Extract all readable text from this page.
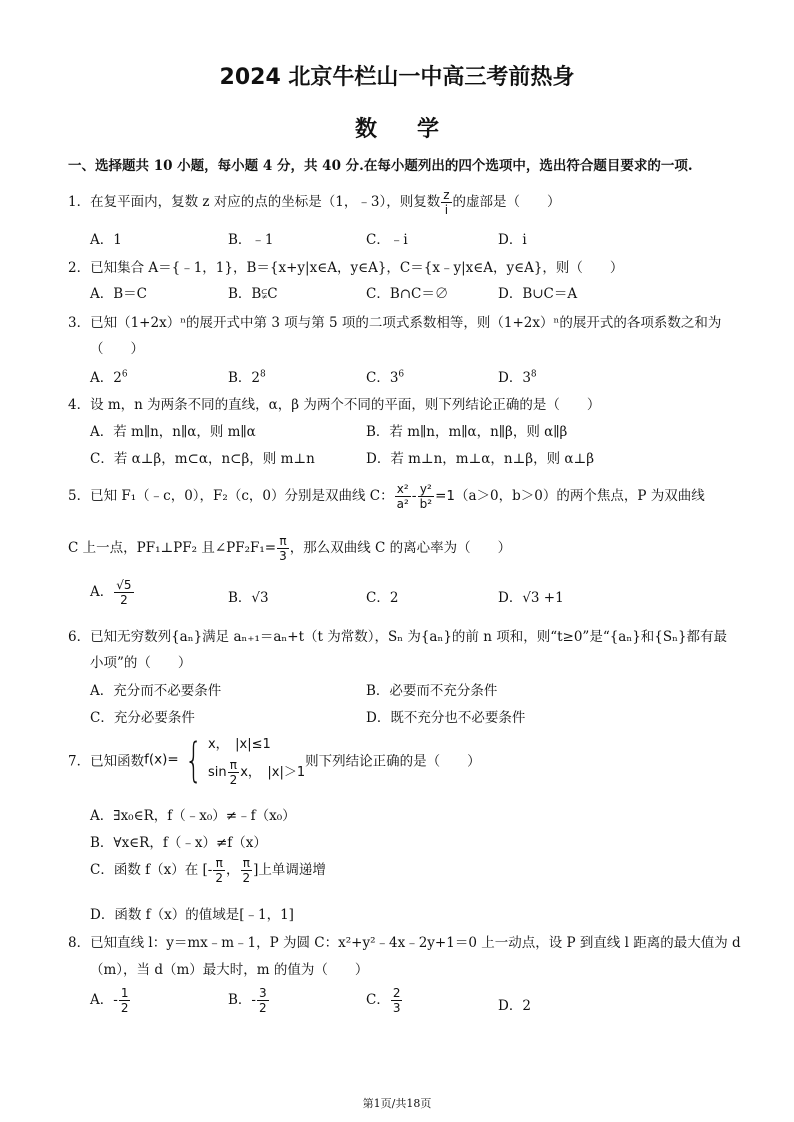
2024 北京牛栏山一中高三考前热身
数学
一、选择题共 10 小题，每小题 4 分，共 40 分.在每小题列出的四个选项中，选出符合题目要求的一项.
1．在复平面内，复数 z 对应的点的坐标是（1，﹣3），则复数 $\frac{z}{i}$ 的虚部是（　　）
A．1	B．﹣1	C．﹣i	D．i
2．已知集合 A＝{﹣1，1}，B＝{x+y|x∈A，y∈A}，C＝{x﹣y|x∈A，y∈A}，则（　　）
A．B＝C	B．B⫋C	C．B∩C＝∅	D．B∪C＝A
3．已知（1+2x）ⁿ的展开式中第 3 项与第 5 项的二项式系数相等，则（1+2x）ⁿ的展开式的各项系数之和为
（　　）
A．$2^6$	B．$2^8$	C．$3^6$	D．$3^8$
4．设 m，n 为两条不同的直线，α，β 为两个不同的平面，则下列结论正确的是（　　）
A．若 m∥n，n∥α，则 m∥α	B．若 m∥n，m∥α，n∥β，则 α∥β
C．若 α⊥β，m⊂α，n⊂β，则 m⊥n	D．若 m⊥n，m⊥α，n⊥β，则 α⊥β
5．已知 F₁（﹣c，0），F₂（c，0）分别是双曲线 C： $\frac{\text{x²}}{\text{a²}} - \frac{\text{y²}}{\text{b²}} =1(a>0$，b＞0）的两个焦点，P 为双曲线
C 上一点，PF₁⊥PF₂ 且∠PF₂F₁= $\frac{\pi}{3}$ ，那么双曲线 C 的离心率为（　　）
A． $\frac{√5}{2}$	B．√3	C．2	D．√3 +1
6．已知无穷数列{aₙ}满足 aₙ₊₁＝aₙ+t（t 为常数），Sₙ 为{aₙ}的前 n 项和，则“t≥0”是“{aₙ}和{Sₙ}都有最
小项”的（　　）
A．充分而不必要条件	B．必要而不充分条件
C．充分必要条件	D．既不充分也不必要条件
7．已知函数f(x)= { x，　|x|≤1
$\sin \frac{\pi}{2}$ x，　|x|＞1
则下列结论正确的是（　　）
A．∃x₀∈R，f（﹣x₀）≠﹣f（x₀）
B．∀x∈R，f（﹣x）≠f（x）
C．函数 f（x）在 [- $\frac{\pi}{2}$ ， $\frac{\pi}{2}$ ]上单调递增
D．函数 f（x）的值域是[﹣1，1]
8．已知直线 l：y＝mx﹣m﹣1，P 为圆 C：x²+y²﹣4x﹣2y+1＝0 上一动点，设 P 到直线 l 距离的最大值为 d
（m），当 d（m）最大时，m 的值为（　　）
A．- $\frac{1}{2}$	B．- $\frac{3}{2}$	C． $\frac{2}{3}$	D．2
第1页/共18页
